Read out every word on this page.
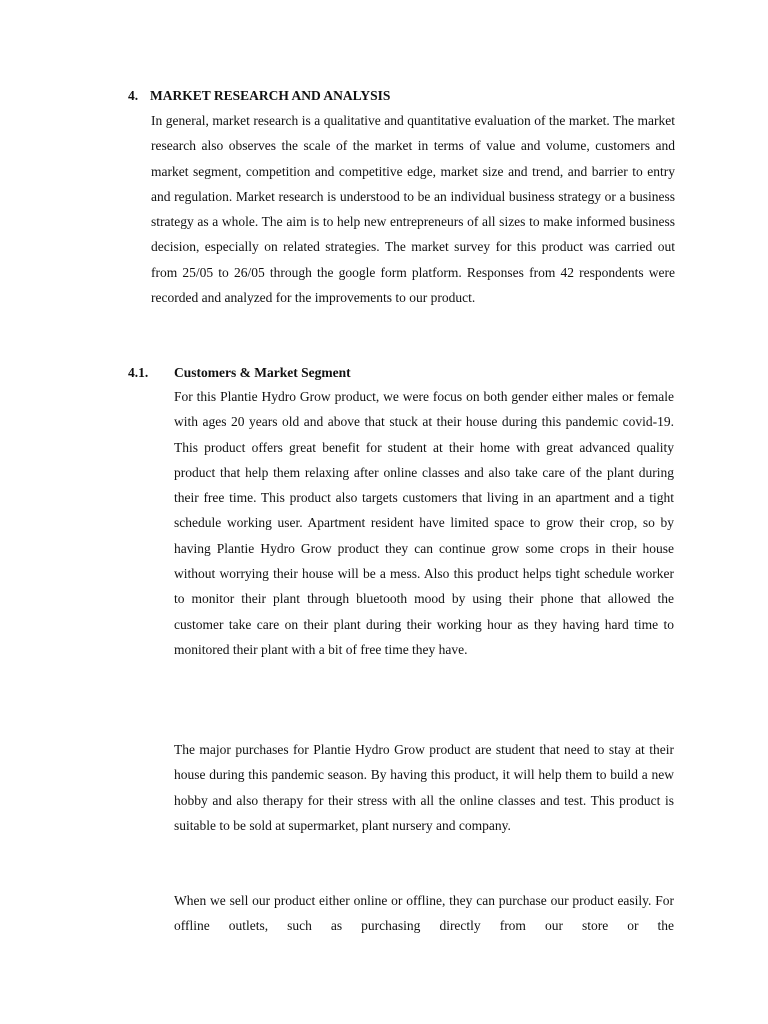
4. MARKET RESEARCH AND ANALYSIS

In general, market research is a qualitative and quantitative evaluation of the market. The market research also observes the scale of the market in terms of value and volume, customers and market segment, competition and competitive edge, market size and trend, and barrier to entry and regulation. Market research is understood to be an individual business strategy or a business strategy as a whole. The aim is to help new entrepreneurs of all sizes to make informed business decision, especially on related strategies. The market survey for this product was carried out from 25/05 to 26/05 through the google form platform. Responses from 42 respondents were recorded and analyzed for the improvements to our product.

4.1. Customers & Market Segment

For this Plantie Hydro Grow product, we were focus on both gender either males or female with ages 20 years old and above that stuck at their house during this pandemic covid-19. This product offers great benefit for student at their home with great advanced quality product that help them relaxing after online classes and also take care of the plant during their free time. This product also targets customers that living in an apartment and a tight schedule working user. Apartment resident have limited space to grow their crop, so by having Plantie Hydro Grow product they can continue grow some crops in their house without worrying their house will be a mess. Also this product helps tight schedule worker to monitor their plant through bluetooth mood by using their phone that allowed the customer take care on their plant during their working hour as they having hard time to monitored their plant with a bit of free time they have.

The major purchases for Plantie Hydro Grow product are student that need to stay at their house during this pandemic season. By having this product, it will help them to build a new hobby and also therapy for their stress with all the online classes and test. This product is suitable to be sold at supermarket, plant nursery and company.

When we sell our product either online or offline, they can purchase our product easily. For offline outlets, such as purchasing directly from our store or the
